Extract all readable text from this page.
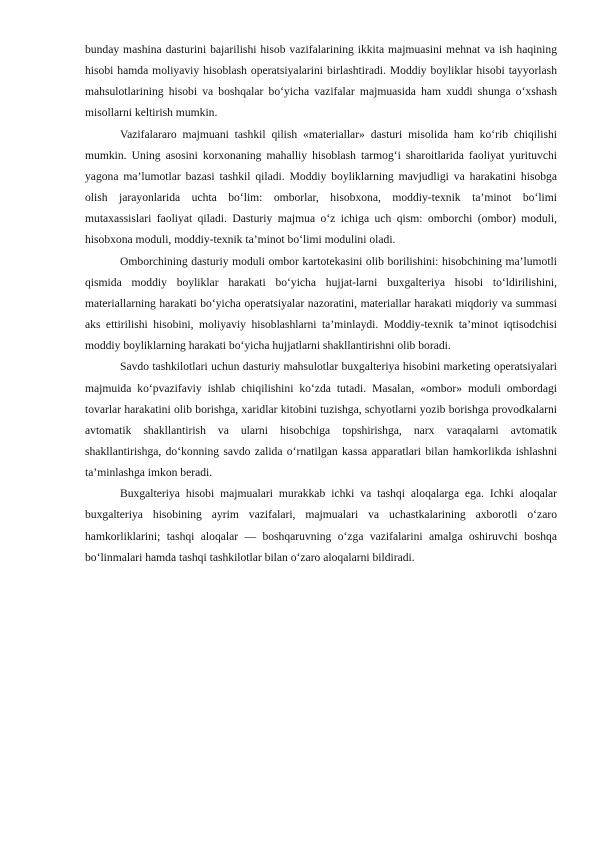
bunday mashina dasturini bajarilishi hisob vazifalarining ikkita majmuasini mehnat va ish haqining hisobi hamda moliyaviy hisoblash operatsiyalarini birlashtiradi. Moddiy boyliklar hisobi tayyorlash mahsulotlarining hisobi va boshqalar bo‘yicha vazifalar majmuasida ham xuddi shunga o‘xshash misollarni keltirish mumkin.

Vazifalararo majmuani tashkil qilish «materiallar» dasturi misolida ham ko‘rib chiqilishi mumkin. Uning asosini korxonaning mahalliy hisoblash tarmog‘i sharoitlarida faoliyat yurituvchi yagona ma’lumotlar bazasi tashkil qiladi. Moddiy boyliklarning mavjudligi va harakatini hisobga olish jarayonlarida uchta bo‘lim: omborlar, hisobxona, moddiy-texnik ta’minot bo‘limi mutaxassislari faoliyat qiladi. Dasturiy majmua o‘z ichiga uch qism: omborchi (ombor) moduli, hisobxona moduli, moddiy-texnik ta’minot bo‘limi modulini oladi.

Omborchining dasturiy moduli ombor kartotekasini olib borilishini: hisobchining ma’lumotli qismida moddiy boyliklar harakati bo‘yicha hujjat-larni buxgalteriya hisobi to‘ldirilishini, materiallarning harakati bo‘yicha operatsiyalar nazoratini, materiallar harakati miqdoriy va summasi aks ettirilishi hisobini, moliyaviy hisoblashlarni ta’minlaydi. Moddiy-texnik ta’minot iqtisodchisi moddiy boyliklarning harakati bo‘yicha hujjatlarni shakllantirishni olib boradi.

Savdo tashkilotlari uchun dasturiy mahsulotlar buxgalteriya hisobini marketing operatsiyalari majmuida ko‘pvazifaviy ishlab chiqilishini ko‘zda tutadi. Masalan, «ombor» moduli ombordagi tovarlar harakatini olib borishga, xaridlar kitobini tuzishga, schyotlarni yozib borishga provodkalarni avtomatik shakllantirish va ularni hisobchiga topshirishga, narx varaqalarni avtomatik shakllantirishga, do‘konning savdo zalida o‘rnatilgan kassa apparatlari bilan hamkorlikda ishlashni ta’minlashga imkon beradi.

Buxgalteriya hisobi majmualari murakkab ichki va tashqi aloqalarga ega. Ichki aloqalar buxgalteriya hisobining ayrim vazifalari, majmualari va uchastkalarining axborotli o‘zaro hamkorliklarini; tashqi aloqalar — boshqaruvning o‘zga vazifalarini amalga oshiruvchi boshqa bo‘linmalari hamda tashqi tashkilotlar bilan o‘zaro aloqalarni bildiradi.
